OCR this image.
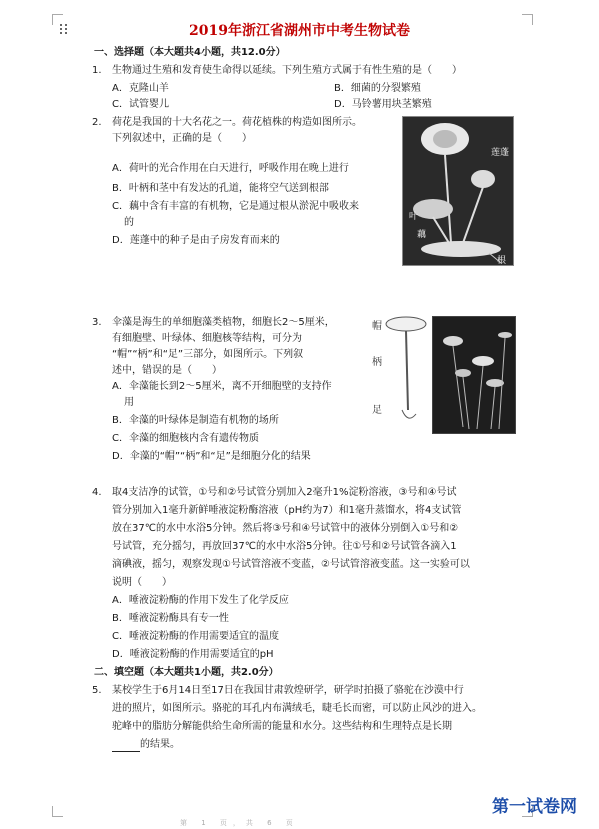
2019年浙江省湖州市中考生物试卷
一、选择题（本大题共4小题，共12.0分）
1. 生物通过生殖和发育使生命得以延续。下列生殖方式属于有性生殖的是（　　）
A．克隆山羊	B．细菌的分裂繁殖
C．试管婴儿	D．马铃薯用块茎繁殖
2. 荷花是我国的十大名花之一。荷花植株的构造如图所示。
下列叙述中，正确的是（　　）
A．荷叶的光合作用在白天进行，呼吸作用在晚上进行
B．叶柄和茎中有发达的孔道，能将空气送到根部
C．藕中含有丰富的有机物，它是通过根从淤泥中吸收来
的
D．莲蓬中的种子是由子房发育而来的
莲蓬
叶
藕
根
3. 伞藻是海生的单细胞藻类植物，细胞长2～5厘米，
有细胞壁、叶绿体、细胞核等结构，可分为
“帽”“柄”和“足”三部分，如图所示。下列叙
述中，错误的是（　　）
A．伞藻能长到2～5厘米，离不开细胞壁的支持作
用
B．伞藻的叶绿体是制造有机物的场所
C．伞藻的细胞核内含有遗传物质
D．伞藻的“帽”“柄”和“足”是细胞分化的结果
帽
柄
足
4. 取4支洁净的试管，①号和②号试管分别加入2毫升1%淀粉溶液，③号和④号试
管分别加入1毫升新鲜唾液淀粉酶溶液（pH约为7）和1毫升蒸馏水，将4支试管
放在37℃的水中水浴5分钟。然后将③号和④号试管中的液体分别倒入①号和②
号试管，充分摇匀，再放回37℃的水中水浴5分钟。往①号和②号试管各滴入1
滴碘液，摇匀，观察发现①号试管溶液不变蓝，②号试管溶液变蓝。这一实验可以
说明（　　）
A．唾液淀粉酶的作用下发生了化学反应
B．唾液淀粉酶具有专一性
C．唾液淀粉酶的作用需要适宜的温度
D．唾液淀粉酶的作用需要适宜的pH
二、填空题（本大题共1小题，共2.0分）
5. 某校学生于6月14日至17日在我国甘肃敦煌研学，研学时拍摄了骆驼在沙漠中行
进的照片，如图所示。骆驼的耳孔内布满绒毛，睫毛长而密，可以防止风沙的进入。
驼峰中的脂肪分解能供给生命所需的能量和水分。这些结构和生理特点是长期
的结果。
第一试卷网
第 1 页，共 6 页
